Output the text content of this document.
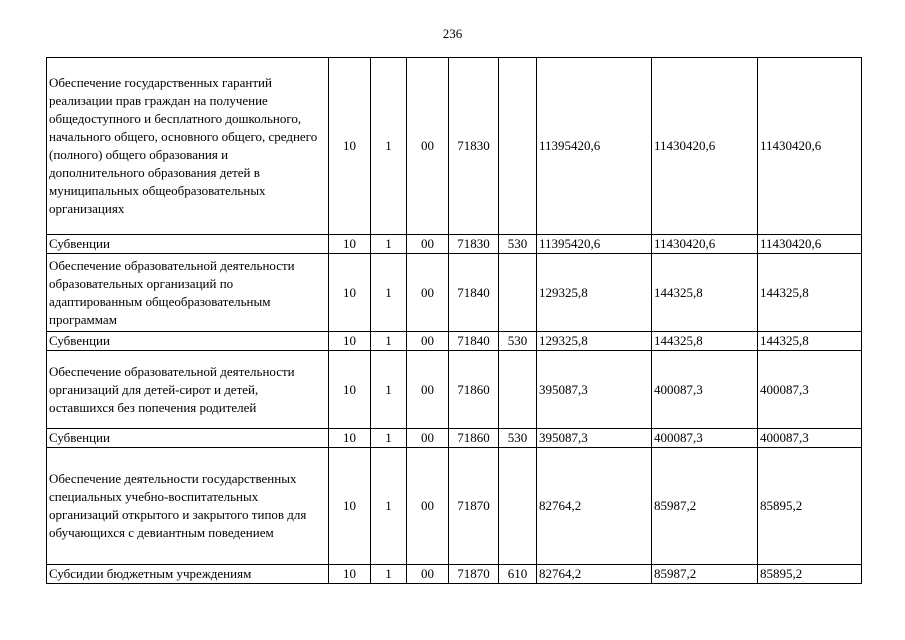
236
Обеспечение государственных гарантий реализации прав граждан на получение общедоступного и бесплатного дошкольного, начального общего, основного общего, среднего (полного) общего образования и дополнительного образования детей в муниципальных общеобразовательных организациях	10	1	00	71830		11395420,6	11430420,6	11430420,6
Субвенции	10	1	00	71830	530	11395420,6	11430420,6	11430420,6
Обеспечение образовательной деятельности образовательных организаций по адаптированным общеобразовательным программам	10	1	00	71840		129325,8	144325,8	144325,8
Субвенции	10	1	00	71840	530	129325,8	144325,8	144325,8
Обеспечение образовательной деятельности организаций для детей-сирот и детей, оставшихся без попечения родителей	10	1	00	71860		395087,3	400087,3	400087,3
Субвенции	10	1	00	71860	530	395087,3	400087,3	400087,3
Обеспечение деятельности государственных специальных учебно-воспитательных организаций открытого и закрытого типов для обучающихся с девиантным поведением	10	1	00	71870		82764,2	85987,2	85895,2
Субсидии бюджетным учреждениям	10	1	00	71870	610	82764,2	85987,2	85895,2
